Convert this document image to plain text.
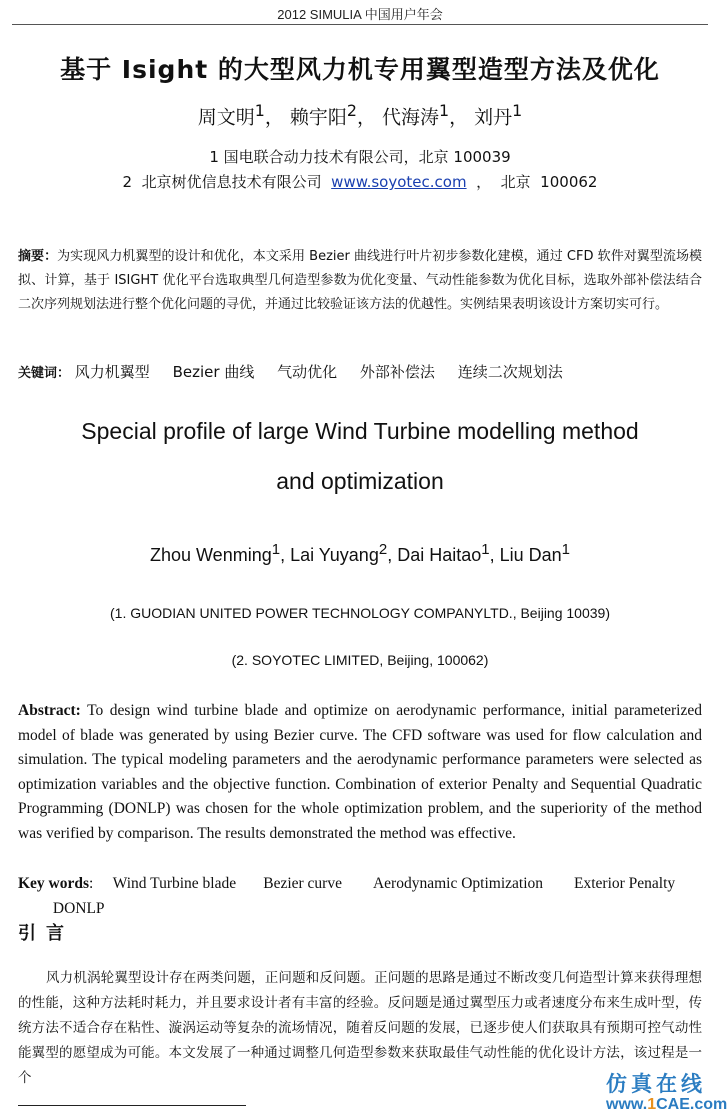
2012 SIMULIA 中国用户年会
基于 Isight 的大型风力机专用翼型造型方法及优化
周文明$^1$， 赖宇阳$^2$， 代海涛$^1$， 刘丹$^1$
1 国电联合动力技术有限公司，北京 100039
2  北京树优信息技术有限公司  www.soyotec.com  ，  北京  100062
摘要：为实现风力机翼型的设计和优化，本文采用 Bezier 曲线进行叶片初步参数化建模，通过 CFD 软件对翼型流场模拟、计算，基于 ISIGHT 优化平台选取典型几何造型参数为优化变量、气动性能参数为优化目标，选取外部补偿法结合二次序列规划法进行整个优化问题的寻优，并通过比较验证该方法的优越性。实例结果表明该设计方案切实可行。
关键词： 风力机翼型 Bezier 曲线 气动优化 外部补偿法 连续二次规划法
Special profile of large Wind Turbine modelling method
and optimization
Zhou Wenming$^1$, Lai Yuyang$^2$, Dai Haitao$^1$, Liu Dan$^1$
(1. GUODIAN UNITED POWER TECHNOLOGY COMPANYLTD., Beijing 10039)
(2. SOYOTEC LIMITED, Beijing, 100062)
Abstract: To design wind turbine blade and optimize on aerodynamic performance, initial parameterized model of blade was generated by using Bezier curve. The CFD software was used for flow calculation and simulation. The typical modeling parameters and the aerodynamic performance parameters were selected as optimization variables and the objective function. Combination of exterior Penalty and Sequential Quadratic Programming (DONLP) was chosen for the whole optimization problem, and the superiority of the method was verified by comparison. The results demonstrated the method was effective.
Key words:     Wind Turbine blade Bezier curve Aerodynamic Optimization Exterior Penalty         DONLP
引言
风力机涡轮翼型设计存在两类问题，正问题和反问题。正问题的思路是通过不断改变几何造型计算来获得理想的性能，这种方法耗时耗力，并且要求设计者有丰富的经验。反问题是通过翼型压力或者速度分布来生成叶型，传统方法不适合存在粘性、漩涡运动等复杂的流场情况，随着反问题的发展，已逐步使人们获取具有预期可控气动性能翼型的愿望成为可能。本文发展了一种通过调整几何造型参数来获取最佳气动性能的优化设计方法，该过程是一个	仿真在线
www.1CAE.com
